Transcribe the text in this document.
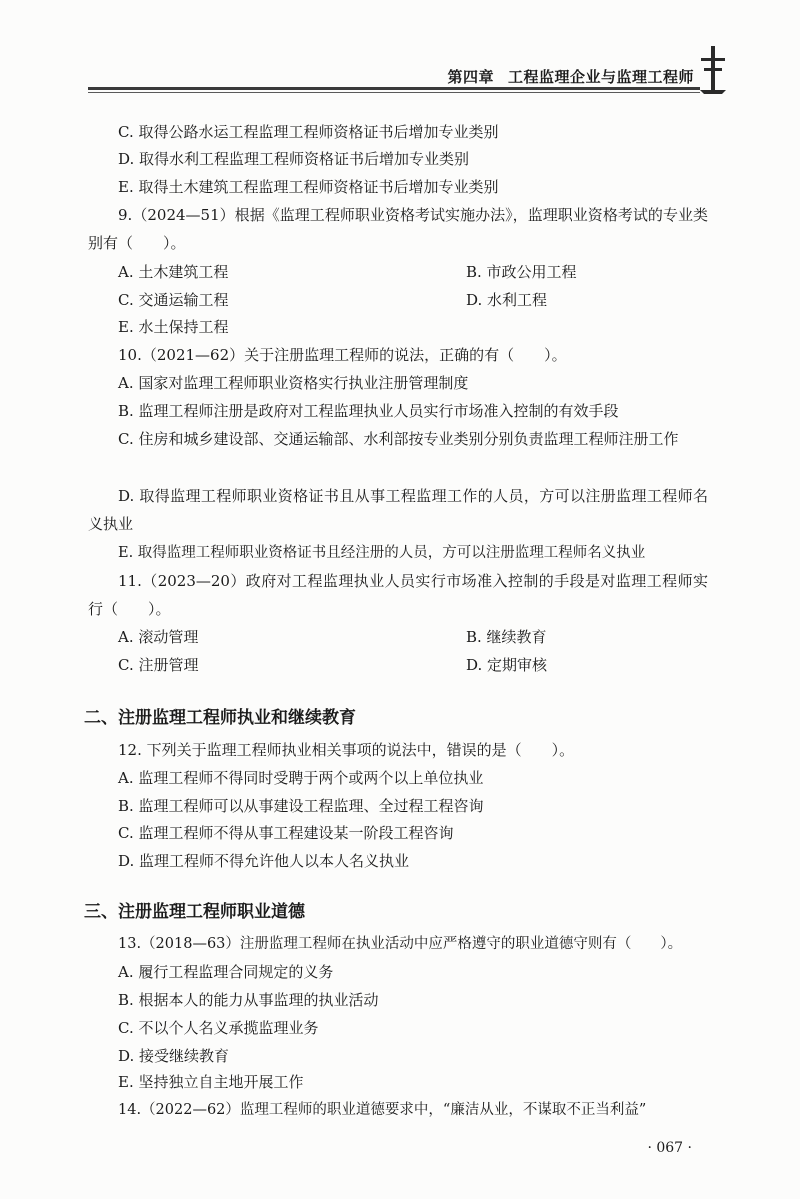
第四章 工程监理企业与监理工程师
C. 取得公路水运工程监理工程师资格证书后增加专业类别
D. 取得水利工程监理工程师资格证书后增加专业类别
E. 取得土木建筑工程监理工程师资格证书后增加专业类别
9.（2024—51）根据《监理工程师职业资格考试实施办法》，监理职业资格考试的专业类别有（　　）。
A. 土木建筑工程	B. 市政公用工程
C. 交通运输工程	D. 水利工程
E. 水土保持工程
10.（2021—62）关于注册监理工程师的说法，正确的有（　　）。
A. 国家对监理工程师职业资格实行执业注册管理制度
B. 监理工程师注册是政府对工程监理执业人员实行市场准入控制的有效手段
C. 住房和城乡建设部、交通运输部、水利部按专业类别分别负责监理工程师注册工作
D. 取得监理工程师职业资格证书且从事工程监理工作的人员，方可以注册监理工程师名义执业
E. 取得监理工程师职业资格证书且经注册的人员，方可以注册监理工程师名义执业
11.（2023—20）政府对工程监理执业人员实行市场准入控制的手段是对监理工程师实行（　　）。
A. 滚动管理	B. 继续教育
C. 注册管理	D. 定期审核
二、注册监理工程师执业和继续教育
12. 下列关于监理工程师执业相关事项的说法中，错误的是（　　）。
A. 监理工程师不得同时受聘于两个或两个以上单位执业
B. 监理工程师可以从事建设工程监理、全过程工程咨询
C. 监理工程师不得从事工程建设某一阶段工程咨询
D. 监理工程师不得允许他人以本人名义执业
三、注册监理工程师职业道德
13.（2018—63）注册监理工程师在执业活动中应严格遵守的职业道德守则有（　　）。
A. 履行工程监理合同规定的义务
B. 根据本人的能力从事监理的执业活动
C. 不以个人名义承揽监理业务
D. 接受继续教育
E. 坚持独立自主地开展工作
14.（2022—62）监理工程师的职业道德要求中，“廉洁从业，不谋取不正当利益”
· 067 ·
